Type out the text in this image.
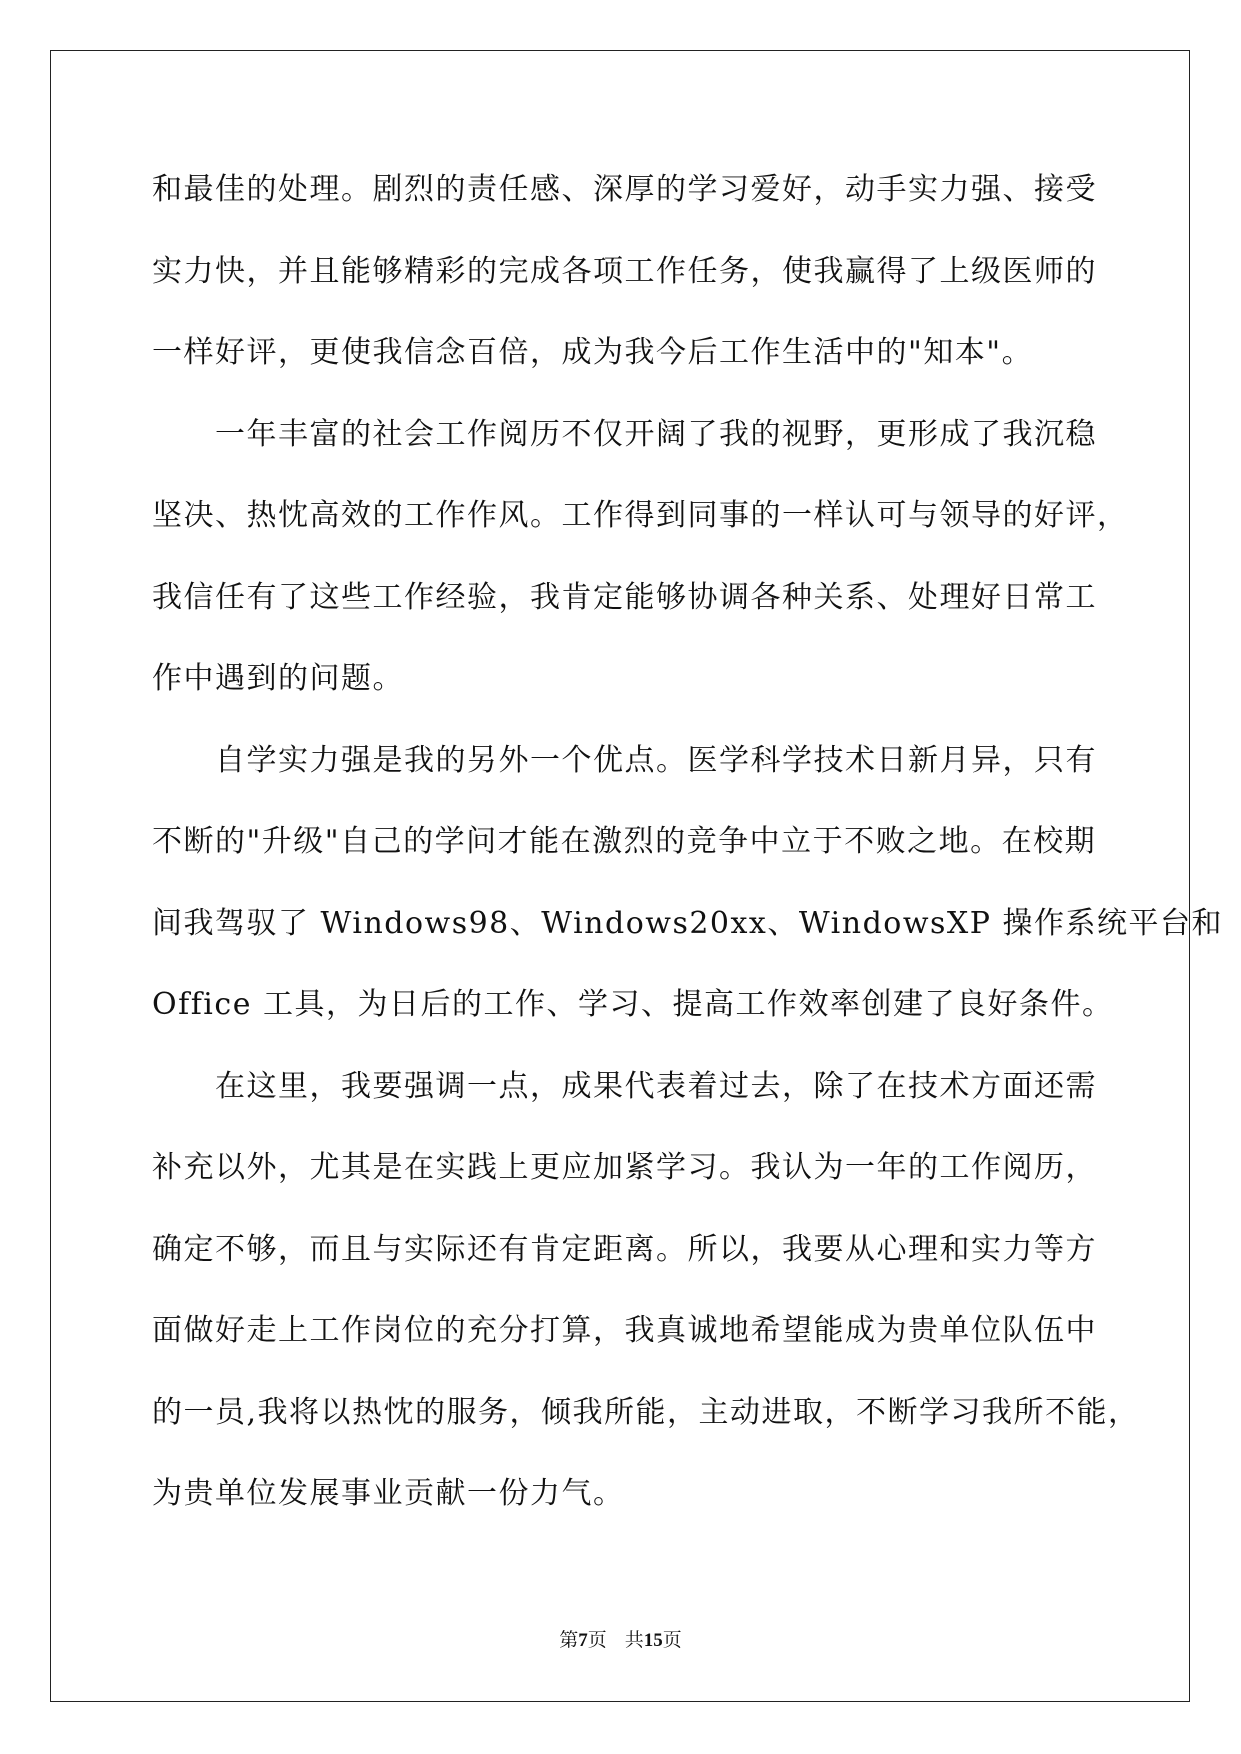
和最佳的处理。剧烈的责任感、深厚的学习爱好，动手实力强、接受
实力快，并且能够精彩的完成各项工作任务，使我赢得了上级医师的
一样好评，更使我信念百倍，成为我今后工作生活中的"知本"。
　　一年丰富的社会工作阅历不仅开阔了我的视野，更形成了我沉稳
坚决、热忱高效的工作作风。工作得到同事的一样认可与领导的好评，
我信任有了这些工作经验，我肯定能够协调各种关系、处理好日常工
作中遇到的问题。
　　自学实力强是我的另外一个优点。医学科学技术日新月异，只有
不断的"升级"自己的学问才能在激烈的竞争中立于不败之地。在校期
间我驾驭了 Windows98、Windows20xx、WindowsXP 操作系统平台和
Office 工具，为日后的工作、学习、提高工作效率创建了良好条件。
　　在这里，我要强调一点，成果代表着过去，除了在技术方面还需
补充以外，尤其是在实践上更应加紧学习。我认为一年的工作阅历，
确定不够，而且与实际还有肯定距离。所以，我要从心理和实力等方
面做好走上工作岗位的充分打算，我真诚地希望能成为贵单位队伍中
的一员,我将以热忱的服务，倾我所能，主动进取，不断学习我所不能，
为贵单位发展事业贡献一份力气。
第7页 共15页
